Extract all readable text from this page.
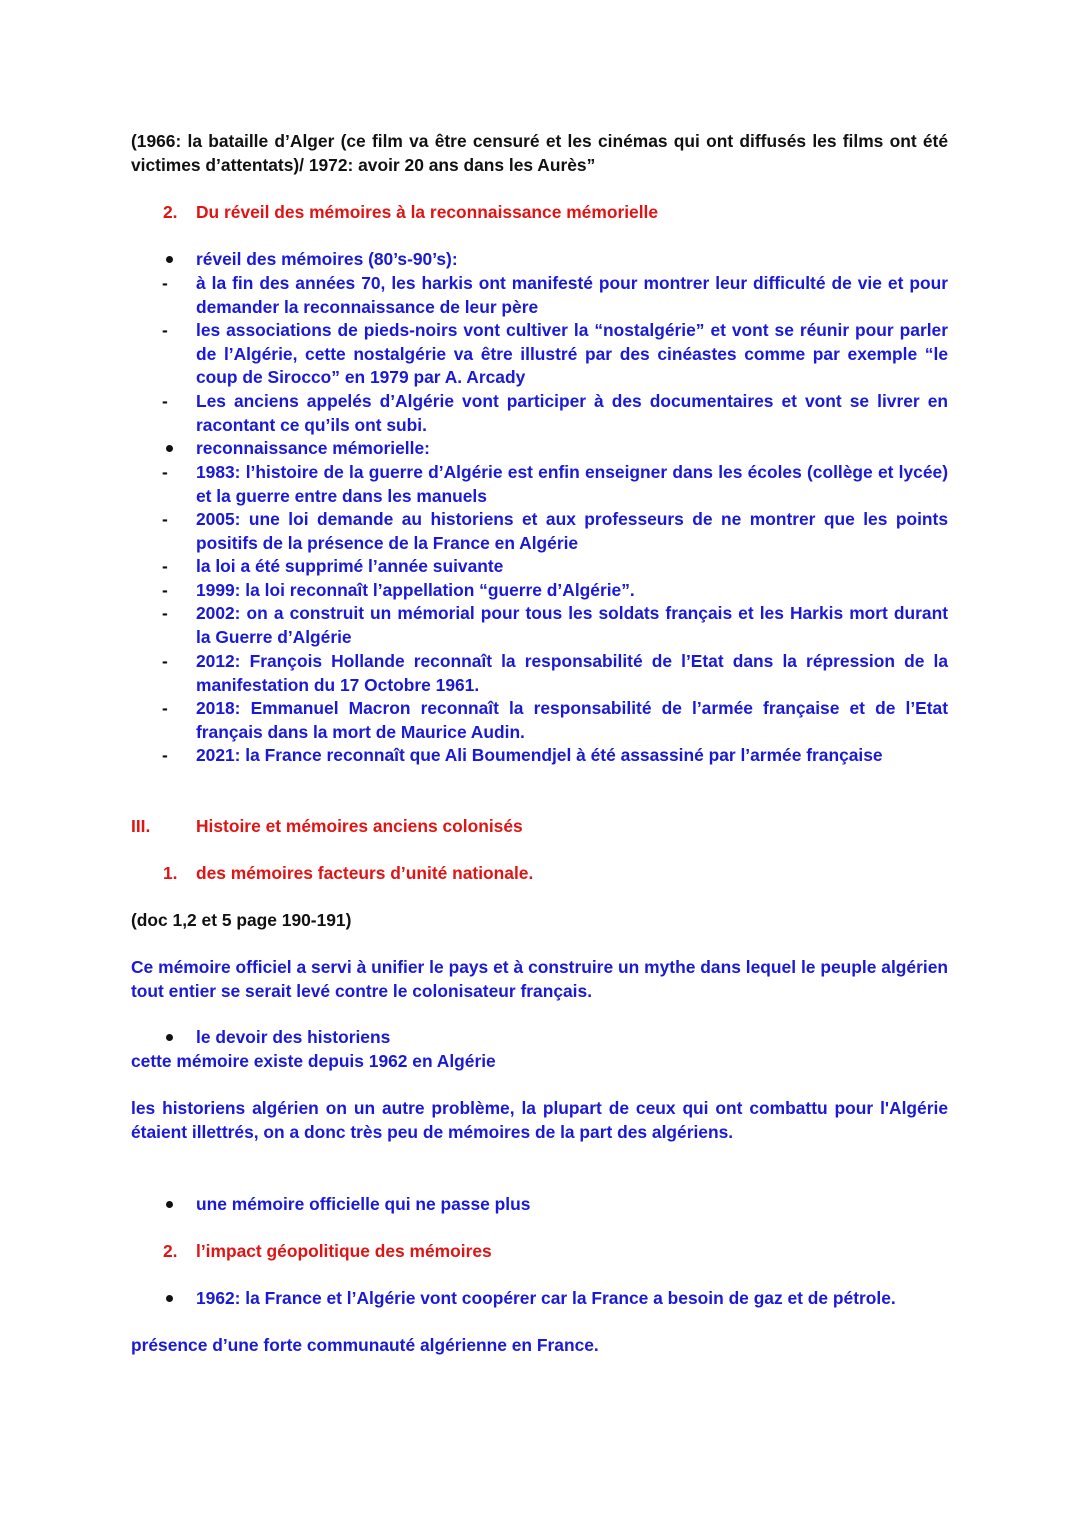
(1966: la bataille d’Alger (ce film va être censuré et les cinémas qui ont diffusés les films ont été victimes d’attentats)/ 1972: avoir 20 ans dans les Aurès”

2. Du réveil des mémoires à la reconnaissance mémorielle

réveil des mémoires (80’s-90’s):

- à la fin des années 70, les harkis ont manifesté pour montrer leur difficulté de vie et pour demander la reconnaissance de leur père

- les associations de pieds-noirs vont cultiver la “nostalgérie” et vont se réunir pour parler de l’Algérie, cette nostalgérie va être illustré par des cinéastes comme par exemple “le coup de Sirocco” en 1979 par A. Arcady

- Les anciens appelés d’Algérie vont participer à des documentaires et vont se livrer en racontant ce qu’ils ont subi.

reconnaissance mémorielle:

- 1983: l’histoire de la guerre d’Algérie est enfin enseigner dans les écoles (collège et lycée) et la guerre entre dans les manuels

- 2005: une loi demande au historiens et aux professeurs de ne montrer que les points positifs de la présence de la France en Algérie

- la loi a été supprimé l’année suivante

- 1999: la loi reconnaît l’appellation “guerre d’Algérie”.

- 2002: on a construit un mémorial pour tous les soldats français et les Harkis mort durant la Guerre d’Algérie

- 2012: François Hollande reconnaît la responsabilité de l’Etat dans la répression de la manifestation du 17 Octobre 1961.

- 2018: Emmanuel Macron reconnaît la responsabilité de l’armée française et de l’Etat français dans la mort de Maurice Audin.

- 2021: la France reconnaît que Ali Boumendjel à été assassiné par l’armée française

III.	Histoire et mémoires anciens colonisés

1. des mémoires facteurs d’unité nationale.

(doc 1,2 et 5 page 190-191)

Ce mémoire officiel a servi à unifier le pays et à construire un mythe dans lequel le peuple algérien tout entier se serait levé contre le colonisateur français.

le devoir des historiens

cette mémoire existe depuis 1962 en Algérie

les historiens algérien on un autre problème, la plupart de ceux qui ont combattu pour l'Algérie étaient illettrés, on a donc très peu de mémoires de la part des algériens.

une mémoire officielle qui ne passe plus

2. l’impact géopolitique des mémoires

1962: la France et l’Algérie vont coopérer car la France a besoin de gaz et de pétrole.

présence d’une forte communauté algérienne en France.
